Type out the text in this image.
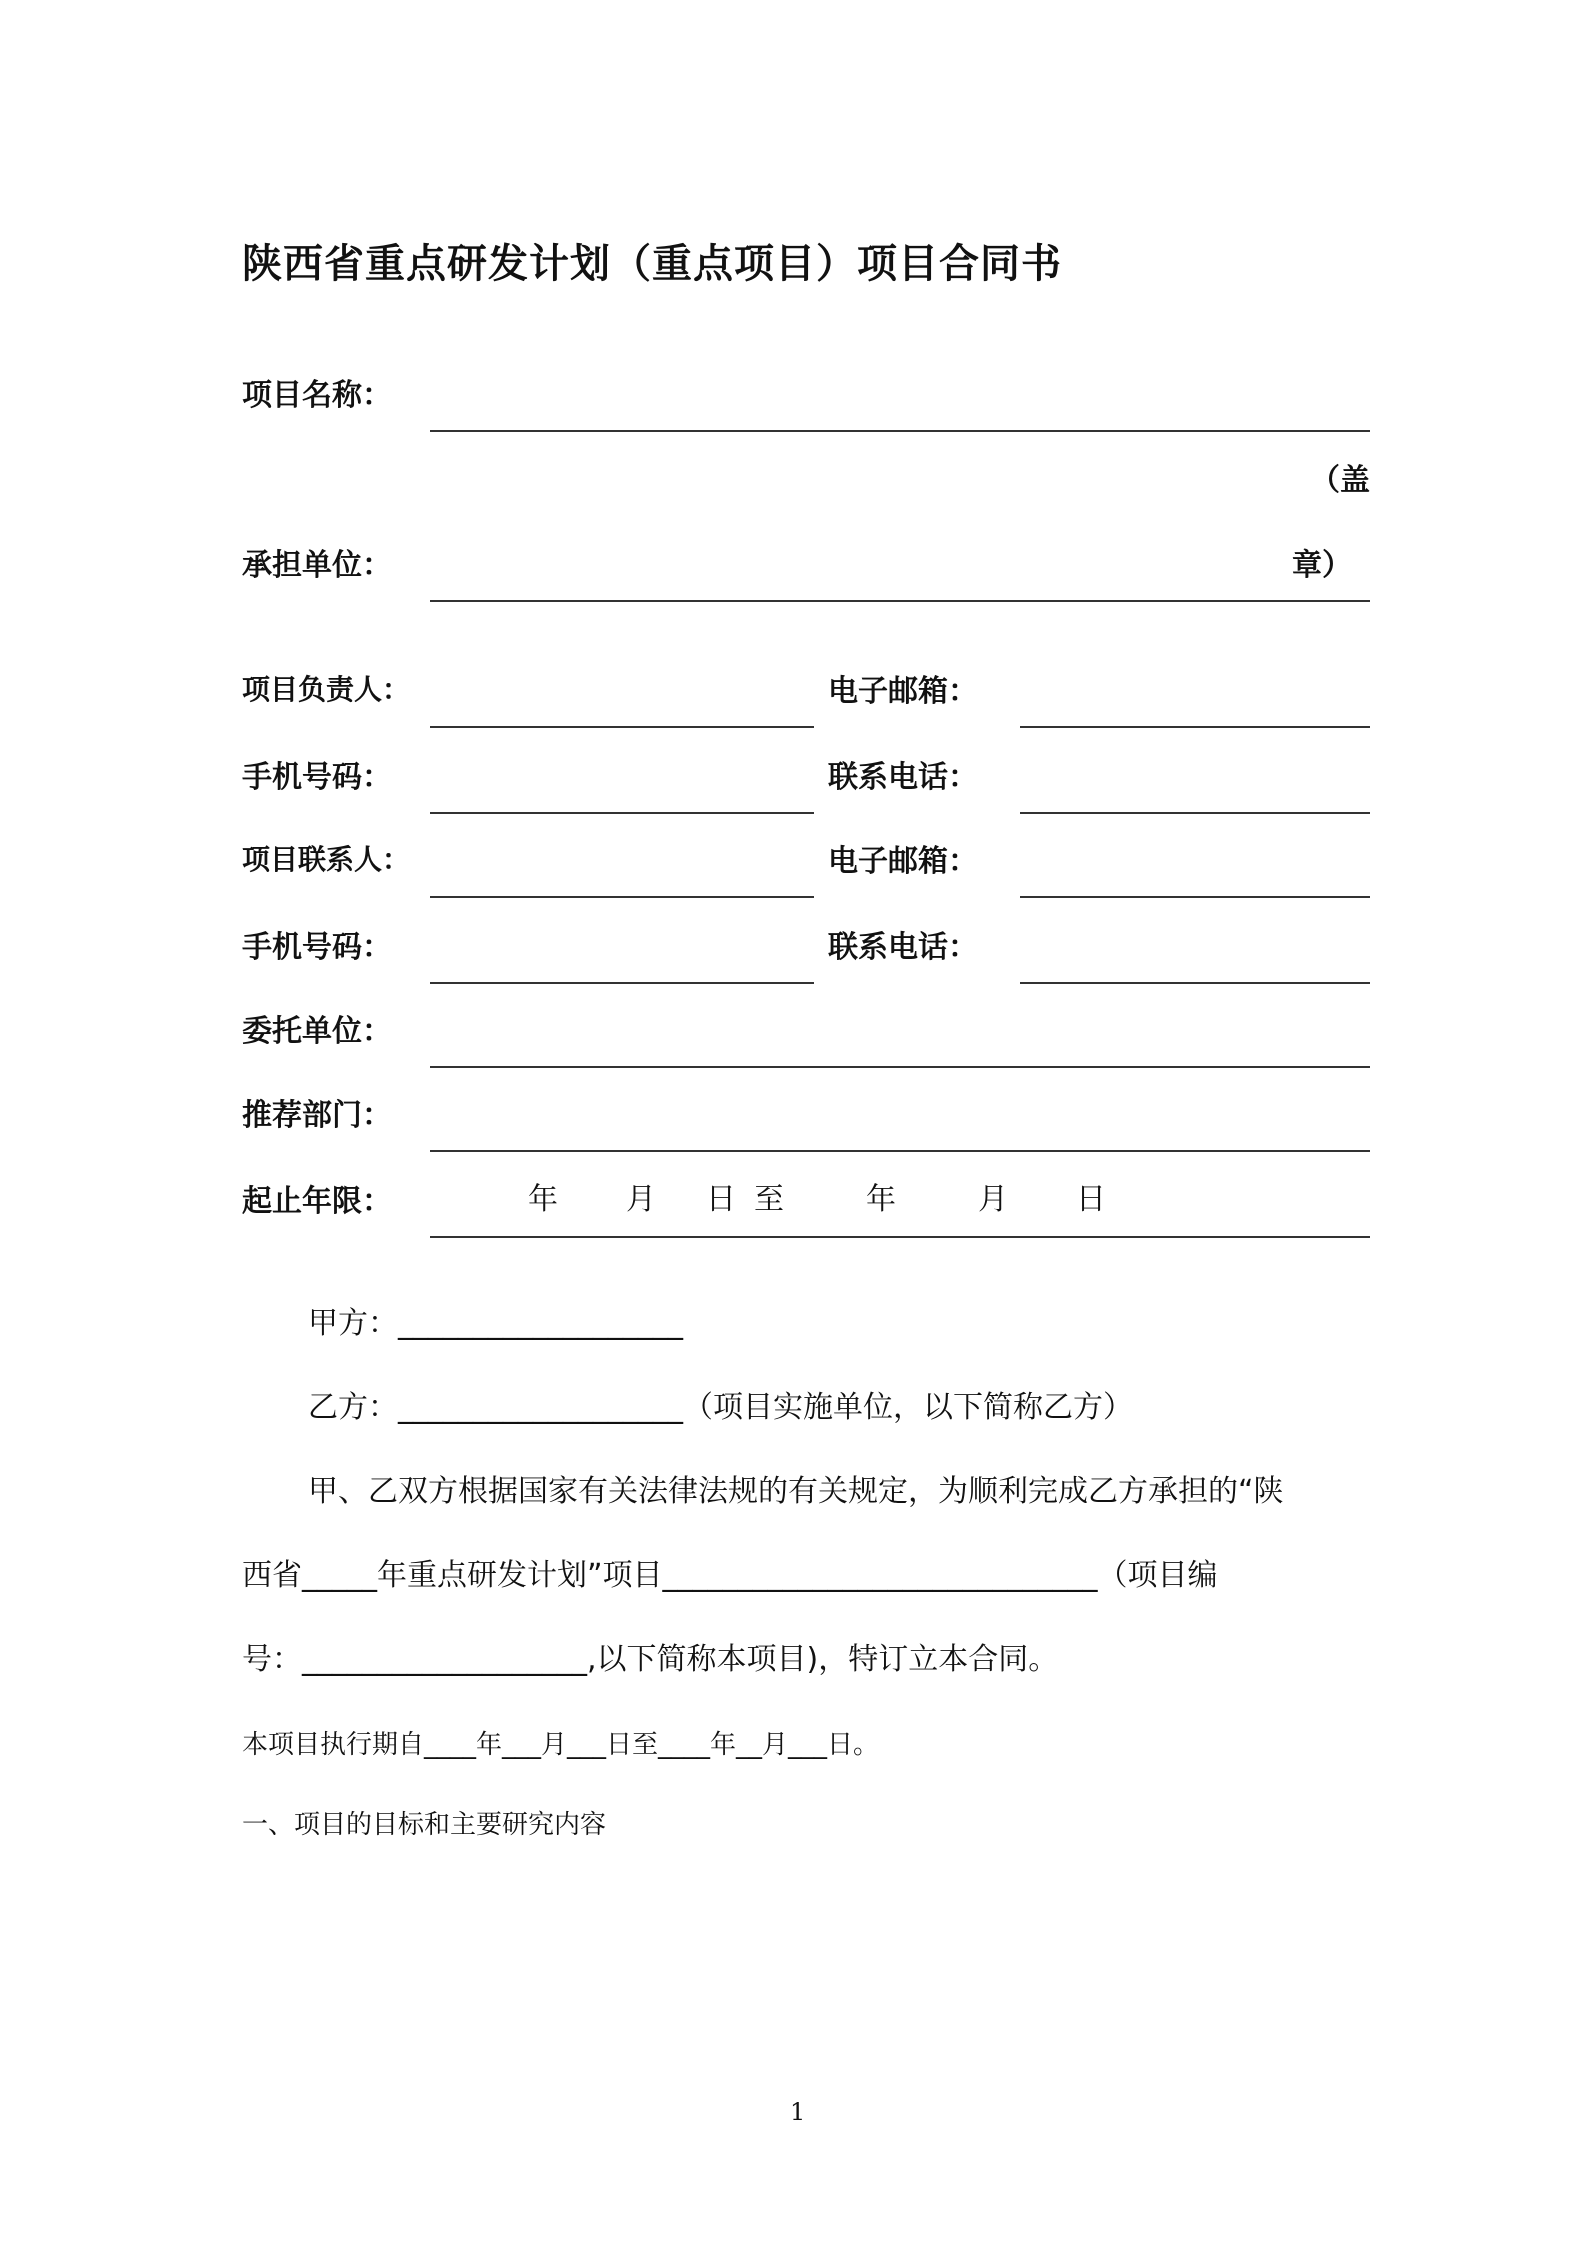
陕西省重点研发计划（重点项目）项目合同书
项目名称：
（盖
承担单位：	章）
项目负责人：	电子邮箱：
手机号码：	联系电话：
项目联系人：	电子邮箱：
手机号码：	联系电话：
委托单位：
推荐部门：
起止年限：	年 月 日 至	年	月 日
甲方：___________________
乙方：___________________（项目实施单位，以下简称乙方）
甲、乙双方根据国家有关法律法规的有关规定，为顺利完成乙方承担的“陕
西省_____年重点研发计划”项目_____________________________（项目编
号：___________________,以下简称本项目)，特订立本合同。
本项目执行期自____年___月___日至____年__月___日。
一、项目的目标和主要研究内容
1
